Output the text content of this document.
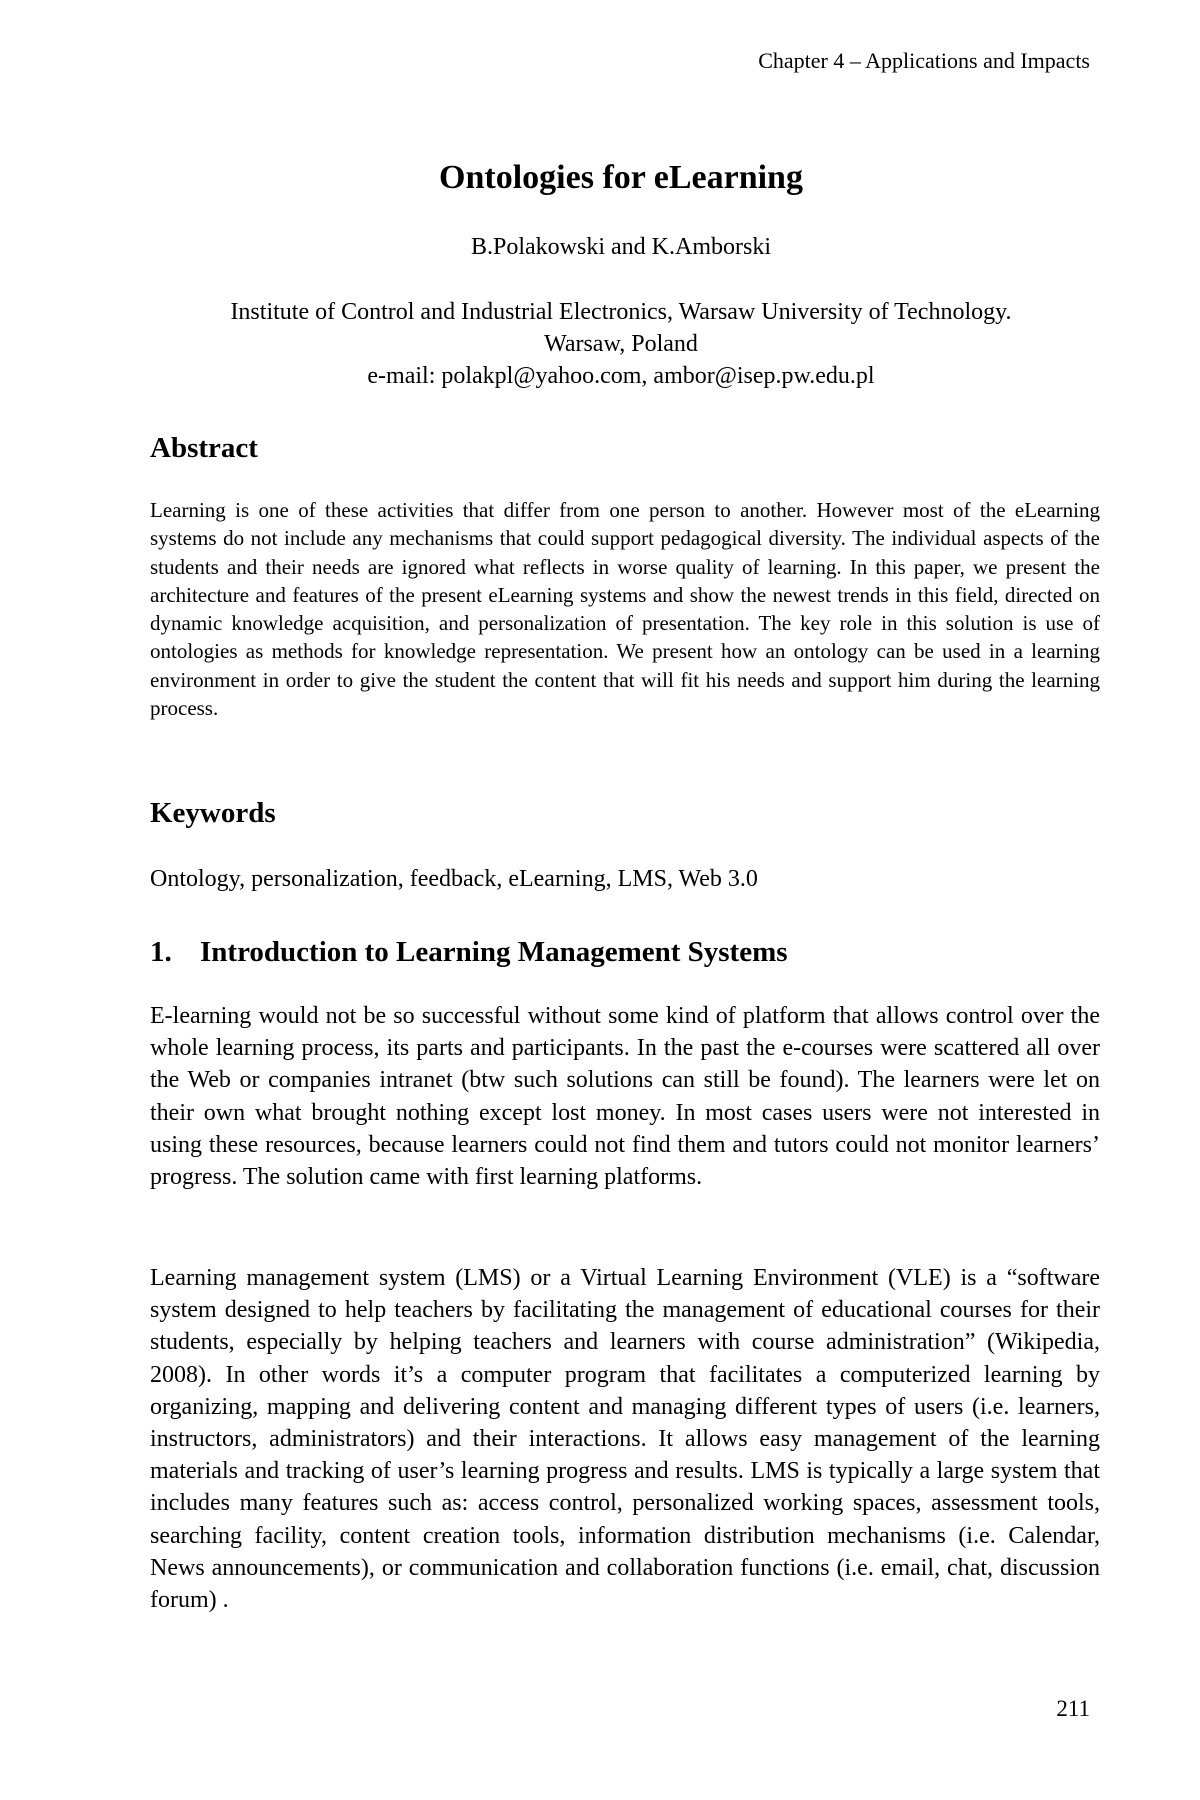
Chapter 4 – Applications and Impacts
Ontologies for eLearning
B.Polakowski and K.Amborski
Institute of Control and Industrial Electronics, Warsaw University of Technology.
Warsaw, Poland
e-mail: polakpl@yahoo.com, ambor@isep.pw.edu.pl
Abstract
Learning is one of these activities that differ from one person to another. However most of the eLearning systems do not include any mechanisms that could support pedagogical diversity. The individual aspects of the students and their needs are ignored what reflects in worse quality of learning. In this paper, we present the architecture and features of the present eLearning systems and show the newest trends in this field, directed on dynamic knowledge acquisition, and personalization of presentation. The key role in this solution is use of ontologies as methods for knowledge representation. We present how an ontology can be used in a learning environment in order to give the student the content that will fit his needs and support him during the learning process.
Keywords
Ontology, personalization, feedback, eLearning, LMS, Web 3.0
1. Introduction to Learning Management Systems
E-learning would not be so successful without some kind of platform that allows control over the whole learning process, its parts and participants. In the past the e-courses were scattered all over the Web or companies intranet (btw such solutions can still be found). The learners were let on their own what brought nothing except lost money. In most cases users were not interested in using these resources, because learners could not find them and tutors could not monitor learners’ progress. The solution came with first learning platforms.
Learning management system (LMS) or a Virtual Learning Environment (VLE) is a “software system designed to help teachers by facilitating the management of educational courses for their students, especially by helping teachers and learners with course administration” (Wikipedia, 2008). In other words it’s a computer program that facilitates a computerized learning by organizing, mapping and delivering content and managing different types of users (i.e. learners, instructors, administrators) and their interactions. It allows easy management of the learning materials and tracking of user’s learning progress and results. LMS is typically a large system that includes many features such as: access control, personalized working spaces, assessment tools, searching facility, content creation tools, information distribution mechanisms (i.e. Calendar, News announcements), or communication and collaboration functions (i.e. email, chat, discussion forum) .
211
